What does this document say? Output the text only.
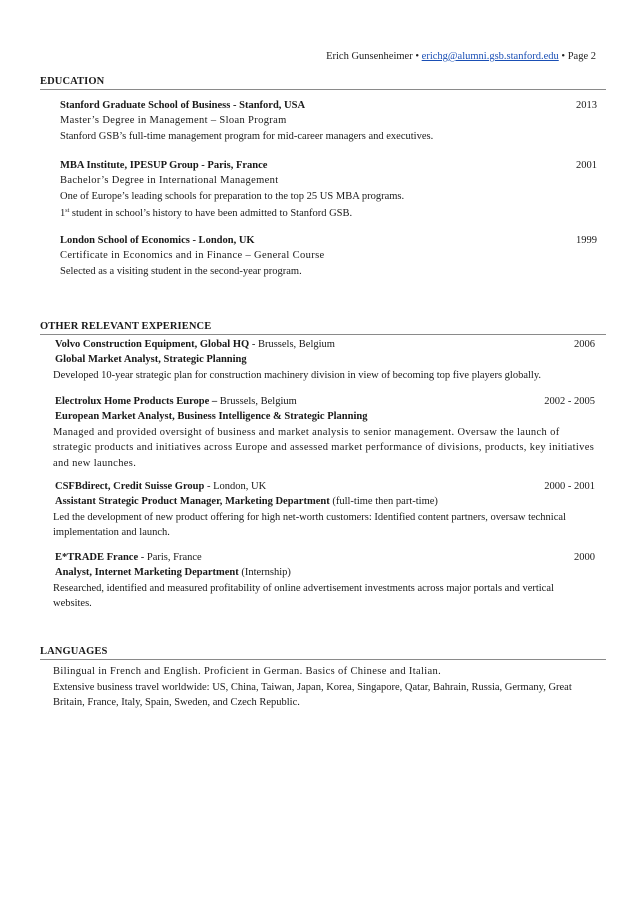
Erich Gunsenheimer • erichg@alumni.gsb.stanford.edu • Page 2
EDUCATION
Stanford Graduate School of Business - Stanford, USA	2013
Master’s Degree in Management – Sloan Program
Stanford GSB’s full-time management program for mid-career managers and executives.
MBA Institute, IPESUP Group - Paris, France	2001
Bachelor’s Degree in International Management
One of Europe’s leading schools for preparation to the top 25 US MBA programs.
1st student in school’s history to have been admitted to Stanford GSB.
London School of Economics - London, UK	1999
Certificate in Economics and in Finance – General Course
Selected as a visiting student in the second-year program.
OTHER RELEVANT EXPERIENCE
Volvo Construction Equipment, Global HQ - Brussels, Belgium	2006
Global Market Analyst, Strategic Planning
Developed 10-year strategic plan for construction machinery division in view of becoming top five players globally.
Electrolux Home Products Europe – Brussels, Belgium	2002 - 2005
European Market Analyst, Business Intelligence & Strategic Planning
Managed and provided oversight of business and market analysis to senior management. Oversaw the launch of strategic products and initiatives across Europe and assessed market performance of divisions, products, key initiatives and new launches.
CSFBdirect, Credit Suisse Group - London, UK	2000 - 2001
Assistant Strategic Product Manager, Marketing Department (full-time then part-time)
Led the development of new product offering for high net-worth customers: Identified content partners, oversaw technical implementation and launch.
E*TRADE France - Paris, France	2000
Analyst, Internet Marketing Department (Internship)
Researched, identified and measured profitability of online advertisement investments across major portals and vertical websites.
LANGUAGES
Bilingual in French and English. Proficient in German. Basics of Chinese and Italian.
Extensive business travel worldwide: US, China, Taiwan, Japan, Korea, Singapore, Qatar, Bahrain, Russia, Germany, Great Britain, France, Italy, Spain, Sweden, and Czech Republic.
